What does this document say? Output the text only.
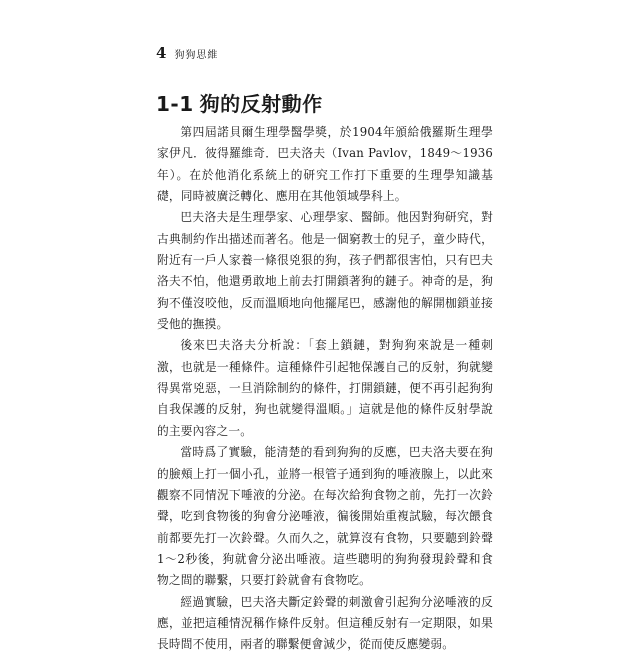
4 狗狗思維
1-1 狗的反射動作

第四屆諾貝爾生理學醫學獎，於1904年頒給俄羅斯生理學家伊凡．彼得羅維奇．巴夫洛夫（Ivan Pavlov，1849～1936年）。在於他消化系統上的研究工作打下重要的生理學知識基礎，同時被廣泛轉化、應用在其他領域學科上。

巴夫洛夫是生理學家、心理學家、醫師。他因對狗研究，對古典制約作出描述而著名。他是一個窮教士的兒子，童少時代，附近有一戶人家養一條很兇狠的狗，孩子們都很害怕，只有巴夫洛夫不怕，他還勇敢地上前去打開鎖著狗的鏈子。神奇的是，狗狗不僅沒咬他，反而溫順地向他擺尾巴，感謝他的解開枷鎖並接受他的撫摸。

後來巴夫洛夫分析說：「套上鎖鏈，對狗狗來說是一種刺激，也就是一種條件。這種條件引起牠保護自己的反射，狗就變得異常兇惡，一旦消除制約的條件，打開鎖鏈，便不再引起狗狗自我保護的反射，狗也就變得溫順。」這就是他的條件反射學說的主要內容之一。

當時爲了實驗，能清楚的看到狗狗的反應，巴夫洛夫要在狗的臉頰上打一個小孔，並將一根管子通到狗的唾液腺上，以此來觀察不同情況下唾液的分泌。在每次給狗食物之前，先打一次鈴聲，吃到食物後的狗會分泌唾液，徧後開始重複試驗，每次餵食前都要先打一次鈴聲。久而久之，就算沒有食物，只要聽到鈴聲1～2秒後，狗就會分泌出唾液。這些聰明的狗狗發現鈴聲和食物之間的聯繫，只要打鈴就會有食物吃。

經過實驗，巴夫洛夫斷定鈴聲的刺激會引起狗分泌唾液的反應，並把這種情況稱作條件反射。但這種反射有一定期限，如果長時間不使用，兩者的聯繫便會減少，從而使反應變弱。
